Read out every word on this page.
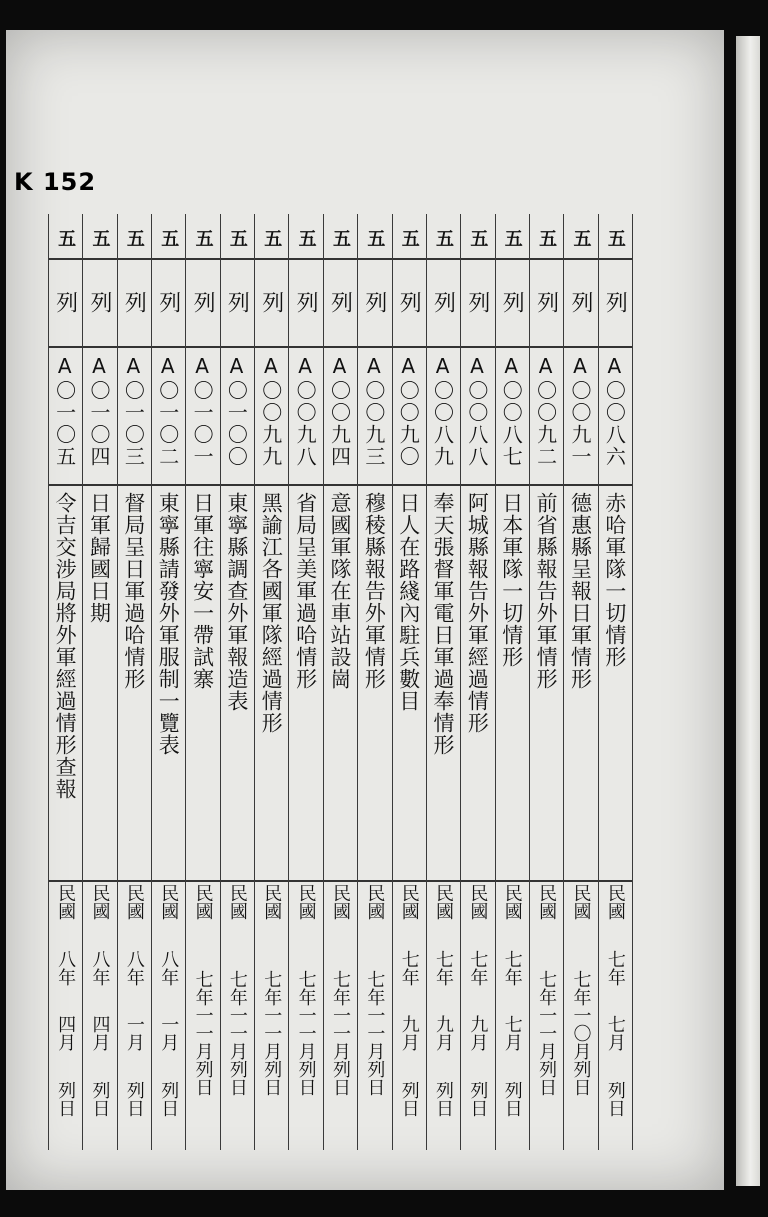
K 152
五
列
A〇〇八六
赤哈軍隊一切情形
民國
七年
七月
列日
五
列
A〇〇九一
德惠縣呈報日軍情形
民國
七年一〇月
列日
五
列
A〇〇九二
前省縣報告外軍情形
民國
七年一一月
列日
五
列
A〇〇八七
日本軍隊一切情形
民國
七年
七月
列日
五
列
A〇〇八八
阿城縣報告外軍經過情形
民國
七年
九月
列日
五
列
A〇〇八九
奉天張督軍電日軍過奉情形
民國
七年
九月
列日
五
列
A〇〇九〇
日人在路綫內駐兵數目
民國
七年
九月
列日
五
列
A〇〇九三
穆稜縣報告外軍情形
民國
七年一一月
列日
五
列
A〇〇九四
意國軍隊在車站設崗
民國
七年一一月
列日
五
列
A〇〇九八
省局呈美軍過哈情形
民國
七年一一月
列日
五
列
A〇〇九九
黑諭江各國軍隊經過情形
民國
七年一一月
列日
五
列
A〇一〇〇
東寧縣調查外軍報造表
民國
七年一一月
列日
五
列
A〇一〇一
日軍往寧安一帶試寨
民國
七年一一月
列日
五
列
A〇一〇二
東寧縣請發外軍服制一覽表
民國
八年
一月
列日
五
列
A〇一〇三
督局呈日軍過哈情形
民國
八年
一月
列日
五
列
A〇一〇四
日軍歸國日期
民國
八年
四月
列日
五
列
A〇一〇五
令吉交涉局將外軍經過情形查報
民國
八年
四月
列日
